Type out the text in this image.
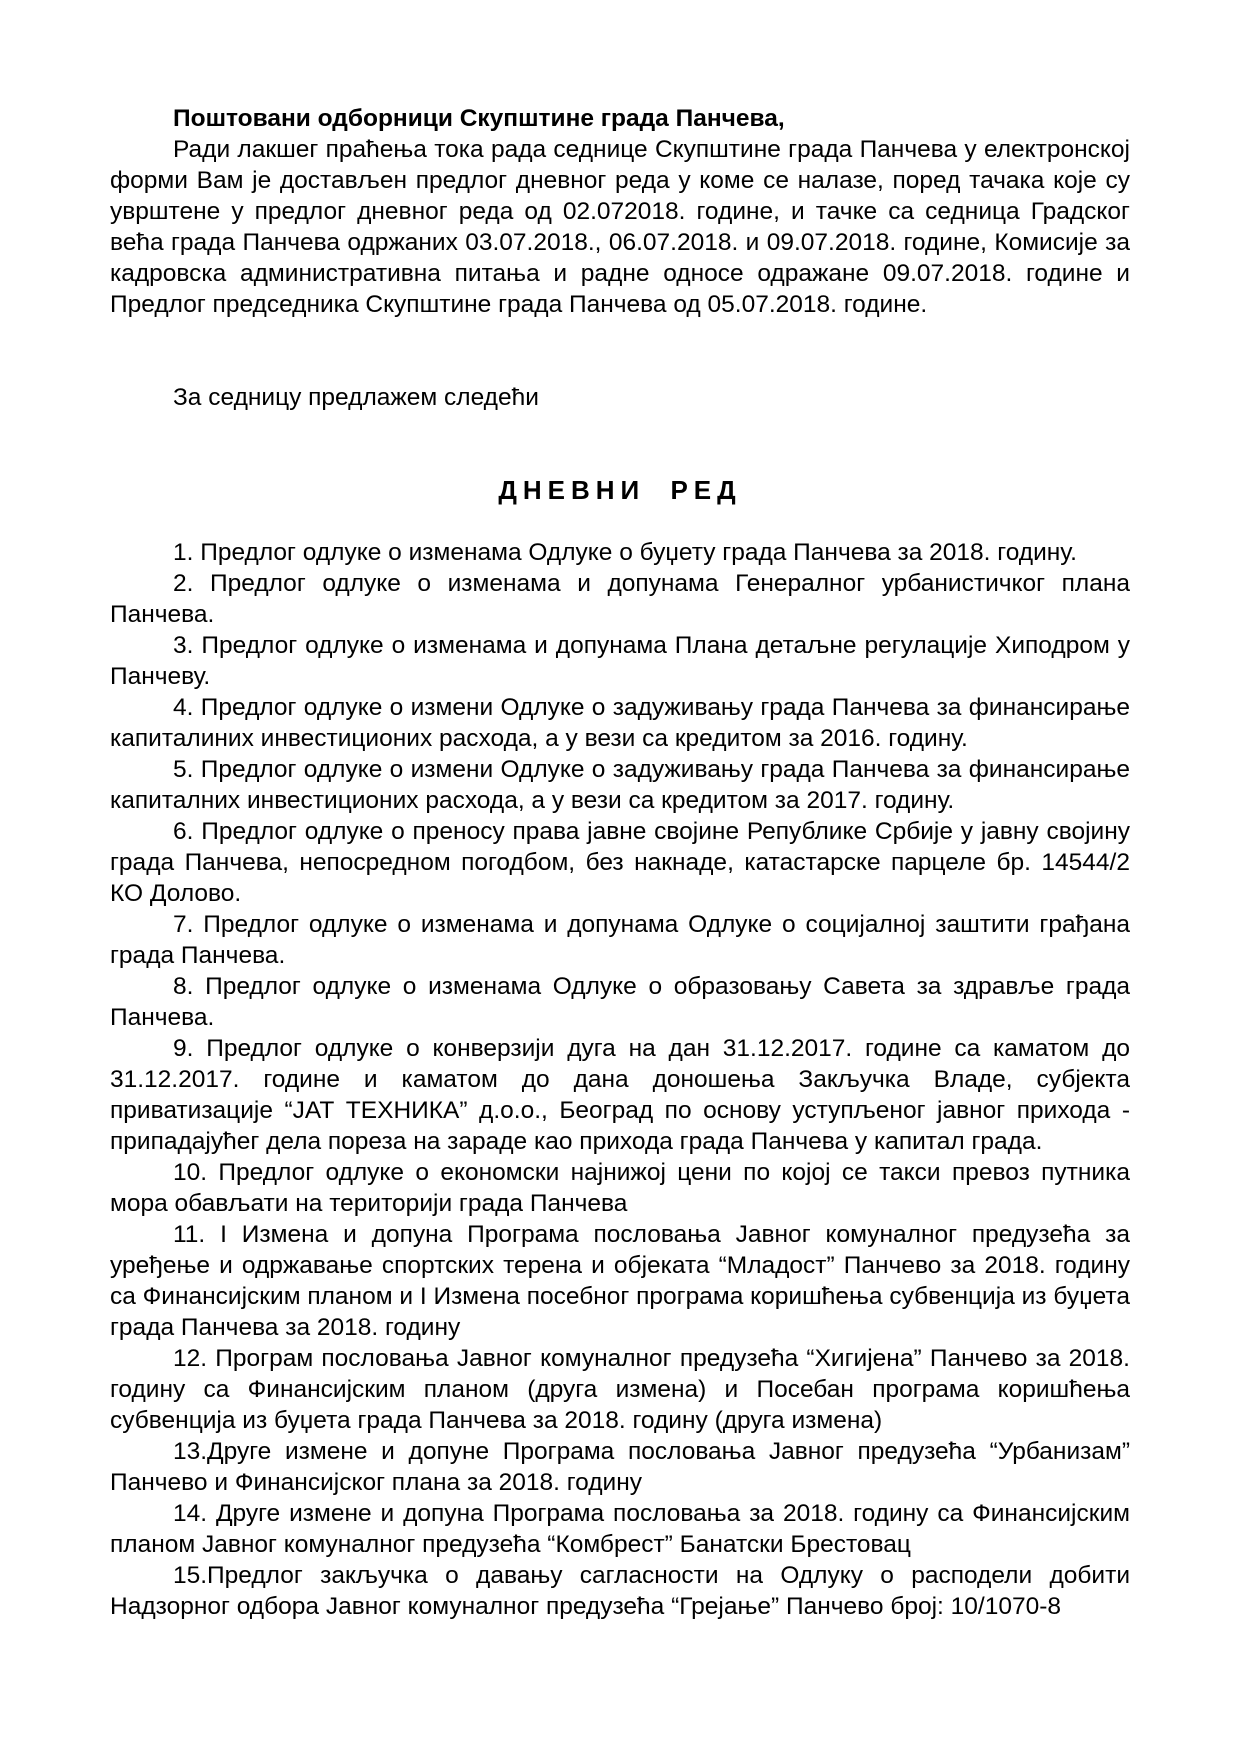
Поштовани одборници Скупштине града Панчева,

Ради лакшег праћења тока рада седнице Скупштине града Панчева у електронској форми Вам је достављен предлог дневног реда у коме се налазе, поред тачака које су уврштене у предлог дневног реда од 02.072018. године, и тачке са седница Градског већа града Панчева одржаних 03.07.2018., 06.07.2018. и 09.07.2018. године, Комисије за кадровска административна питања и радне односе одражане 09.07.2018. године и Предлог председника Скупштине града Панчева од 05.07.2018. године.

За седницу предлажем следећи

ДНЕВНИ РЕД

1. Предлог одлуке о изменама Одлуке о буџету града Панчева за 2018. годину.

2. Предлог одлуке о изменама и допунама Генералног урбанистичког плана Панчева.

3. Предлог одлуке о изменама и допунама Плана детаљне регулације Хиподром у Панчеву.

4. Предлог одлуке о измени Одлуке о задуживању града Панчева за финансирање капиталиних инвестиционих расхода, а у вези са кредитом за 2016. годину.

5. Предлог одлуке о измени Одлуке о задуживању града Панчева за финансирање капиталних инвестиционих расхода, а у вези са кредитом за 2017. годину.

6. Предлог одлуке о преносу права јавне својине Републике Србије у јавну својину града Панчева, непосредном погодбом, без накнаде, катастарске парцеле бр. 14544/2 КО Долово.

7. Предлог одлуке о изменама и допунама Одлуке о социјалној заштити грађана града Панчева.

8. Предлог одлуке о изменама Одлуке о образовању Савета за здравље града Панчева.

9. Предлог одлуке о конверзији дуга на дан 31.12.2017. године са каматом до 31.12.2017. године и каматом до дана доношења Закључка Владе, субјекта приватизације “ЈАТ ТЕХНИКА” д.о.о., Београд по основу уступљеног јавног прихода - припадајућег дела пореза на зараде као прихода града Панчева у капитал града.

10. Предлог одлуке о економски најнижој цени по којој се такси превоз путника мора обављати на територији града Панчева

11. I Измена и допуна Програма пословања Јавног комуналног предузећа за уређење и одржавање спортских терена и објеката “Младост” Панчево за 2018. годину са Финансијским планом и I Измена посебног програма коришћења субвенција из буџета града Панчева за 2018. годину

12. Програм пословања Јавног комуналног предузећа “Хигијена” Панчево за 2018. годину са Финансијским планом (друга измена) и Посебан програма коришћења субвенција из буџета града Панчева за 2018. годину (друга измена)

13.Друге измене и допуне Програма пословања Јавног предузећа “Урбанизам” Панчево и Финансијског плана за 2018. годину

14. Друге измене и допуна Програма пословања за 2018. годину са Финансијским планом Јавног комуналног предузећа “Комбрест” Банатски Брестовац

15.Предлог закључка о давању сагласности на Одлуку о расподели добити Надзорног одбора Јавног комуналног предузећа “Грејање” Панчево број: 10/1070-8
